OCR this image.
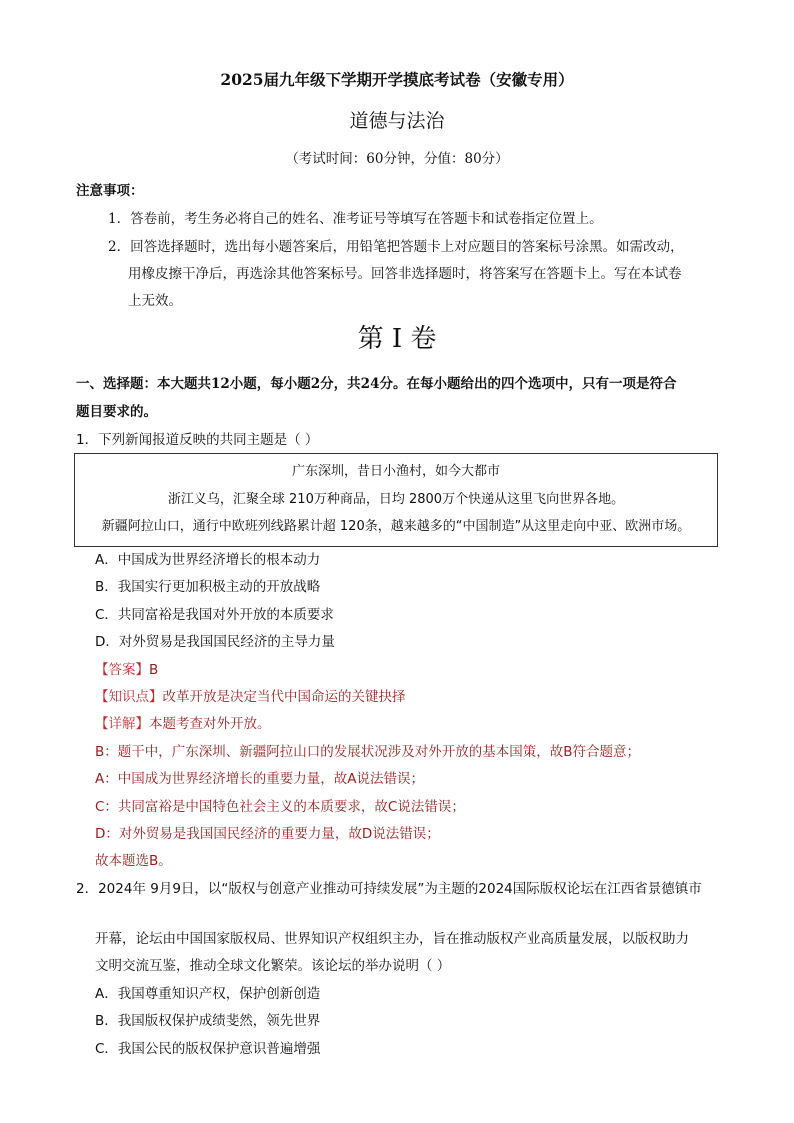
2025届九年级下学期开学摸底考试卷（安徽专用）
道德与法治
（考试时间：60分钟，分值：80分）
注意事项：
1．答卷前，考生务必将自己的姓名、准考证号等填写在答题卡和试卷指定位置上。
2．回答选择题时，选出每小题答案后，用铅笔把答题卡上对应题目的答案标号涂黑。如需改动，
用橡皮擦干净后，再选涂其他答案标号。回答非选择题时，将答案写在答题卡上。写在本试卷
上无效。
第 I 卷
一、选择题：本大题共12小题，每小题2分，共24分。在每小题给出的四个选项中，只有一项是符合
题目要求的。
1．下列新闻报道反映的共同主题是（ ）
广东深圳，昔日小渔村，如今大都市
浙江义乌，汇聚全球 210万种商品，日均 2800万个快递从这里飞向世界各地。
新疆阿拉山口，通行中欧班列线路累计超 120条，越来越多的“中国制造”从这里走向中亚、欧洲市场。
A．中国成为世界经济增长的根本动力
B．我国实行更加积极主动的开放战略
C．共同富裕是我国对外开放的本质要求
D．对外贸易是我国国民经济的主导力量
【答案】B
【知识点】改革开放是决定当代中国命运的关键抉择
【详解】本题考查对外开放。
B：题干中，广东深圳、新疆阿拉山口的发展状况涉及对外开放的基本国策，故B符合题意；
A：中国成为世界经济增长的重要力量，故A说法错误；
C：共同富裕是中国特色社会主义的本质要求，故C说法错误；
D：对外贸易是我国国民经济的重要力量，故D说法错误；
故本题选B。
2．2024年 9月9日，以“版权与创意产业推动可持续发展”为主题的2024国际版权论坛在江西省景德镇市
开幕，论坛由中国国家版权局、世界知识产权组织主办，旨在推动版权产业高质量发展，以版权助力
文明交流互鉴，推动全球文化繁荣。该论坛的举办说明（ ）
A．我国尊重知识产权，保护创新创造
B．我国版权保护成绩斐然，领先世界
C．我国公民的版权保护意识普遍增强
